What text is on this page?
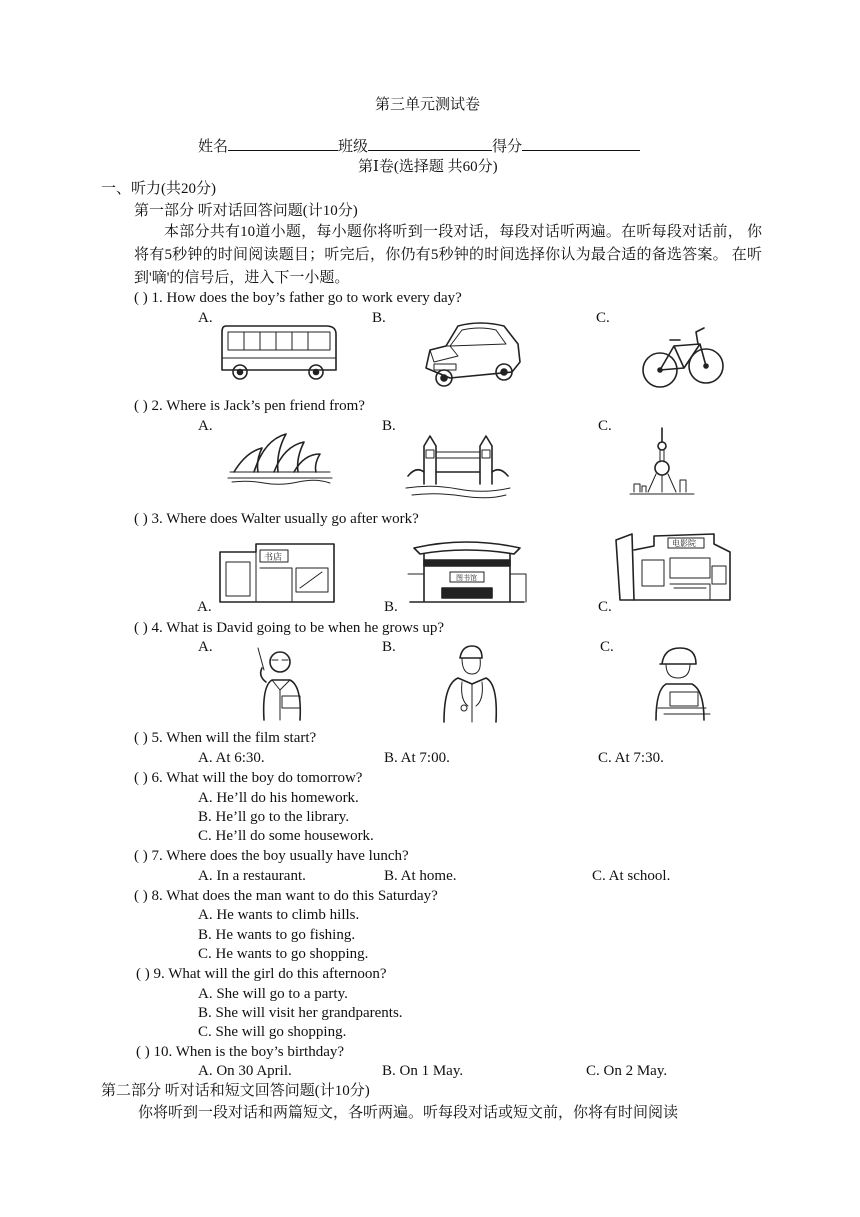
第三单元测试卷
姓名	班级	得分
第Ⅰ卷(选择题 共60分)
一、听力(共20分)
第一部分 听对话回答问题(计10分)
本部分共有10道小题，每小题你将听到一段对话，每段对话听两遍。在听每段对话前， 你将有5秒钟的时间阅读题目；听完后，你仍有5秒钟的时间选择你认为最合适的备选答案。 在听到'嘀'的信号后，进入下一小题。
( ) 1. How does the boy’s father go to work every day?
A.	B.	C.
( ) 2. Where is Jack’s pen friend from?
A.	B.	C.
( ) 3. Where does Walter usually go after work?
书店
图书馆
电影院
A.	B.	C.
( ) 4. What is David going to be when he grows up?
A.	B.	C.
( ) 5. When will the film start?
A. At 6:30.	B. At 7:00.	C. At 7:30.
( ) 6. What will the boy do tomorrow?
A. He’ll do his homework.
B. He’ll go to the library.
C. He’ll do some housework.
( ) 7. Where does the boy usually have lunch?
A. In a restaurant.	B. At home.	C. At school.
( ) 8. What does the man want to do this Saturday?
A. He wants to climb hills.
B. He wants to go fishing.
C. He wants to go shopping.
( ) 9. What will the girl do this afternoon?
A. She will go to a party.
B. She will visit her grandparents.
C. She will go shopping.
( ) 10. When is the boy’s birthday?
A. On 30 April.	B. On 1 May.	C. On 2 May.
第二部分 听对话和短文回答问题(计10分)
你将听到一段对话和两篇短文，各听两遍。听每段对话或短文前，你将有时间阅读
